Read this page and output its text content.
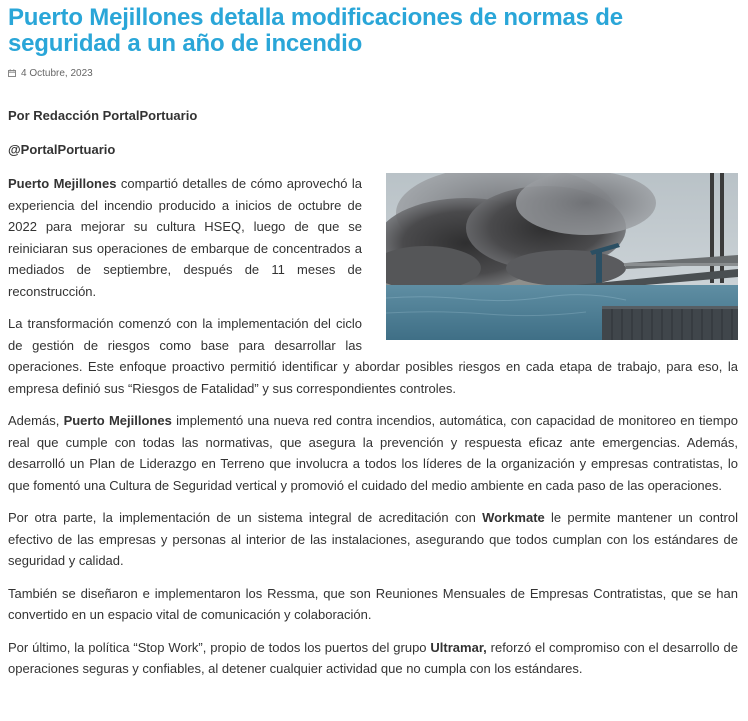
Puerto Mejillones detalla modificaciones de normas de seguridad a un año de incendio
4 Octubre, 2023
Por Redacción PortalPortuario
@PortalPortuario

Puerto Mejillones compartió detalles de cómo aprovechó la experiencia del incendio producido a inicios de octubre de 2022 para mejorar su cultura HSEQ, luego de que se reiniciaran sus operaciones de embarque de concentrados a mediados de septiembre, después de 11 meses de reconstrucción.

La transformación comenzó con la implementación del ciclo de gestión de riesgos como base para desarrollar las operaciones. Este enfoque proactivo permitió identificar y abordar posibles riesgos en cada etapa de trabajo, para eso, la empresa definió sus “Riesgos de Fatalidad” y sus correspondientes controles.

Además, Puerto Mejillones implementó una nueva red contra incendios, automática, con capacidad de monitoreo en tiempo real que cumple con todas las normativas, que asegura la prevención y respuesta eficaz ante emergencias. Además, desarrolló un Plan de Liderazgo en Terreno que involucra a todos los líderes de la organización y empresas contratistas, lo que fomentó una Cultura de Seguridad vertical y promovió el cuidado del medio ambiente en cada paso de las operaciones.

Por otra parte, la implementación de un sistema integral de acreditación con Workmate le permite mantener un control efectivo de las empresas y personas al interior de las instalaciones, asegurando que todos cumplan con los estándares de seguridad y calidad.

También se diseñaron e implementaron los Ressma, que son Reuniones Mensuales de Empresas Contratistas, que se han convertido en un espacio vital de comunicación y colaboración.

Por último, la política “Stop Work”, propio de todos los puertos del grupo Ultramar, reforzó el compromiso con el desarrollo de operaciones seguras y confiables, al detener cualquier actividad que no cumpla con los estándares.
